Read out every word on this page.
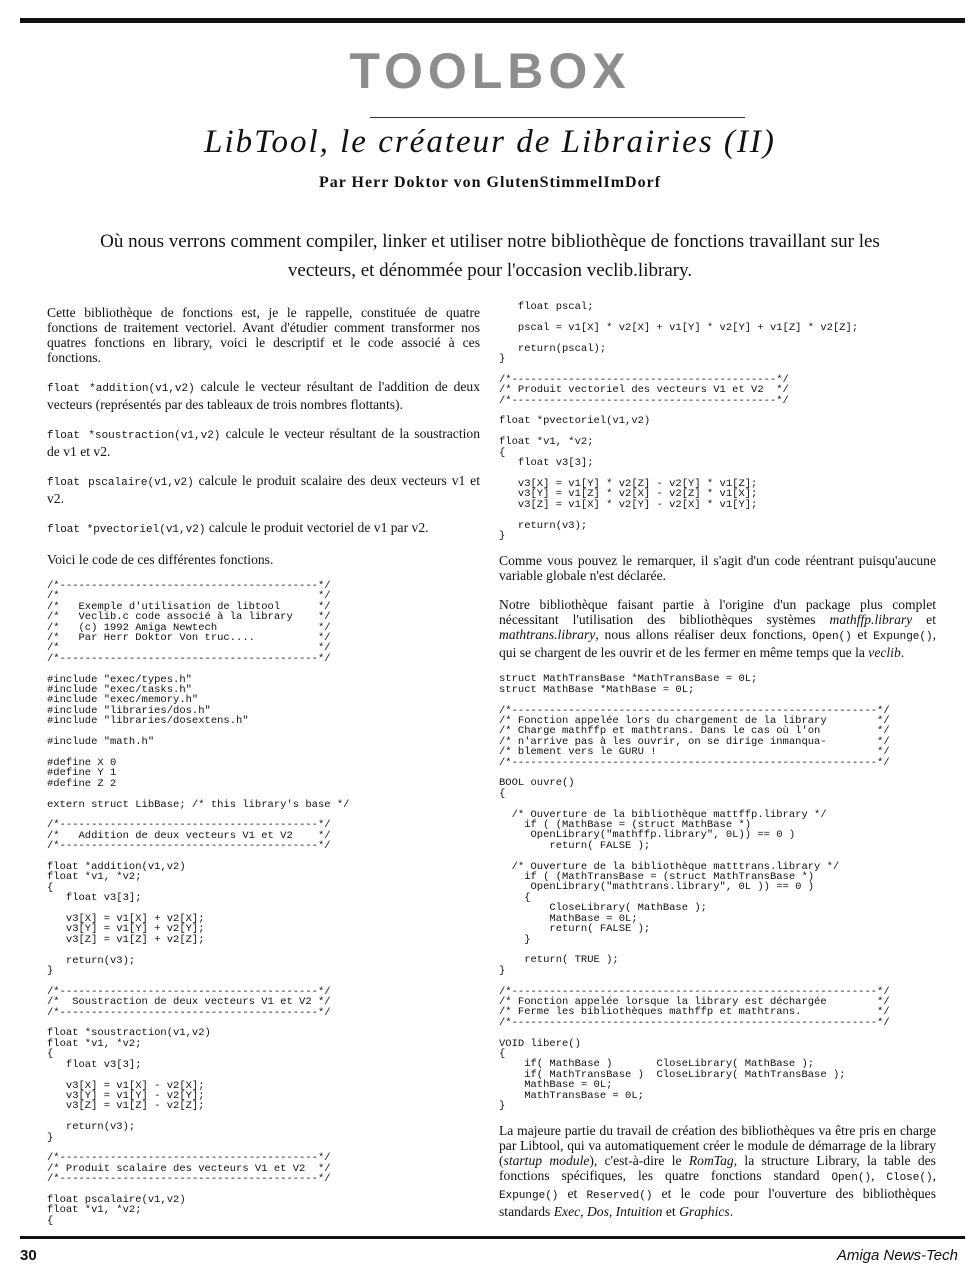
TOOLBOX
LibTool, le créateur de Librairies (II)
Par Herr Doktor von GlutenStimmelImDorf
Où nous verrons comment compiler, linker et utiliser notre bibliothèque de fonctions travaillant sur les vecteurs, et dénommée pour l'occasion veclib.library.

Cette bibliothèque de fonctions est, je le rappelle, constituée de quatre fonctions de traitement vectoriel. Avant d'étudier comment transformer nos quatres fonctions en library, voici le descriptif et le code associé à ces fonctions.

float *addition(v1,v2) calcule le vecteur résultant de l'addition de deux vecteurs (représentés par des tableaux de trois nombres flottants).

float *soustraction(v1,v2) calcule le vecteur résultant de la soustraction de v1 et v2.

float pscalaire(v1,v2) calcule le produit scalaire des deux vecteurs v1 et v2.

float *pvectoriel(v1,v2) calcule le produit vectoriel de v1 par v2.

Voici le code de ces différentes fonctions.

/*-----------------------------------------*/
/*                                         */
/*   Exemple d'utilisation de libtool      */
/*   Veclib.c code associé à la library    */
/*   (c) 1992 Amiga Newtech                */
/*   Par Herr Doktor Von truc....          */
/*                                         */
/*-----------------------------------------*/

#include "exec/types.h"
#include "exec/tasks.h"
#include "exec/memory.h"
#include "libraries/dos.h"
#include "libraries/dosextens.h"

#include "math.h"

#define X 0
#define Y 1
#define Z 2

extern struct LibBase; /* this library's base */

/*-----------------------------------------*/
/*   Addition de deux vecteurs V1 et V2    */
/*-----------------------------------------*/

float *addition(v1,v2)
float *v1, *v2;
{
float v3[3];

v3[X] = v1[X] + v2[X];
v3[Y] = v1[Y] + v2[Y];
v3[Z] = v1[Z] + v2[Z];

return(v3);
}

/*-----------------------------------------*/
/*  Soustraction de deux vecteurs V1 et V2 */
/*-----------------------------------------*/

float *soustraction(v1,v2)
float *v1, *v2;
{
float v3[3];

v3[X] = v1[X] - v2[X];
v3[Y] = v1[Y] - v2[Y];
v3[Z] = v1[Z] - v2[Z];

return(v3);
}

/*-----------------------------------------*/
/* Produit scalaire des vecteurs V1 et V2  */
/*-----------------------------------------*/

float pscalaire(v1,v2)
float *v1, *v2;
{
float pscal;

pscal = v1[X] * v2[X] + v1[Y] * v2[Y] + v1[Z] * v2[Z];

return(pscal);
}

/*------------------------------------------*/
/* Produit vectoriel des vecteurs V1 et V2  */
/*------------------------------------------*/

float *pvectoriel(v1,v2)

float *v1, *v2;
{
float v3[3];

v3[X] = v1[Y] * v2[Z] - v2[Y] * v1[Z];
v3[Y] = v1[Z] * v2[X] - v2[Z] * v1[X];
v3[Z] = v1[X] * v2[Y] - v2[X] * v1[Y];

return(v3);
}

Comme vous pouvez le remarquer, il s'agit d'un code réentrant puisqu'aucune variable globale n'est déclarée.

Notre bibliothèque faisant partie à l'origine d'un package plus complet nécessitant l'utilisation des bibliothèques systèmes mathffp.library et mathtrans.library, nous allons réaliser deux fonctions, Open() et Expunge(), qui se chargent de les ouvrir et de les fermer en même temps que la veclib.

struct MathTransBase *MathTransBase = 0L;
struct MathBase *MathBase = 0L;

/*----------------------------------------------------------*/
/* Fonction appelée lors du chargement de la library        */
/* Charge mathffp et mathtrans. Dans le cas où l'on         */
/* n'arrive pas à les ouvrir, on se dirige inmanqua-        */
/* blement vers le GURU !                                   */
/*----------------------------------------------------------*/

BOOL ouvre()
{

/* Ouverture de la bibliothèque mattffp.library */
if ( (MathBase = (struct MathBase *)
OpenLibrary("mathffp.library", 0L)) == 0 )
return( FALSE );

/* Ouverture de la bibliothèque matttrans.library */
if ( (MathTransBase = (struct MathTransBase *)
OpenLibrary("mathtrans.library", 0L )) == 0 )
{
CloseLibrary( MathBase );
MathBase = 0L;
return( FALSE );
}

return( TRUE );
}

/*----------------------------------------------------------*/
/* Fonction appelée lorsque la library est déchargée        */
/* Ferme les bibliothèques mathffp et mathtrans.            */
/*----------------------------------------------------------*/

VOID libere()
{
if( MathBase )       CloseLibrary( MathBase );
if( MathTransBase )  CloseLibrary( MathTransBase );
MathBase = 0L;
MathTransBase = 0L;
}

La majeure partie du travail de création des bibliothèques va être pris en charge par Libtool, qui va automatiquement créer le module de démarrage de la library (startup module), c'est-à-dire le RomTag, la structure Library, la table des fonctions spécifiques, les quatre fonctions standard Open(), Close(), Expunge() et Reserved() et le code pour l'ouverture des bibliothèques standards Exec, Dos, Intuition et Graphics.

30	Amiga News-Tech
